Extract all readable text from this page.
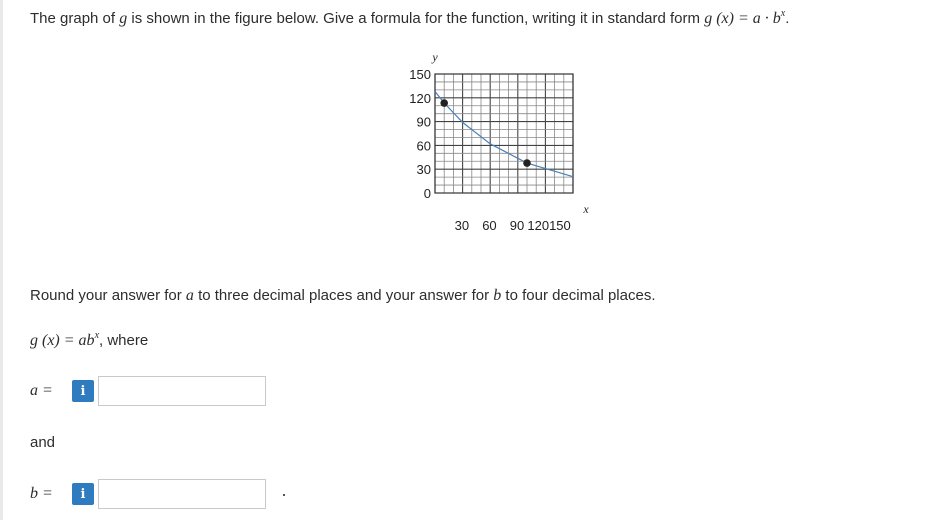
The graph of g is shown in the figure below. Give a formula for the function, writing it in standard form g $(x) = a \cdot b^x$.
y
x
150
120
90
60
30
0
30 60 90 120150
Round your answer for a to three decimal places and your answer for b to four decimal places.
g $(x) = ab^x$, where
a =	i
and
b =	i
